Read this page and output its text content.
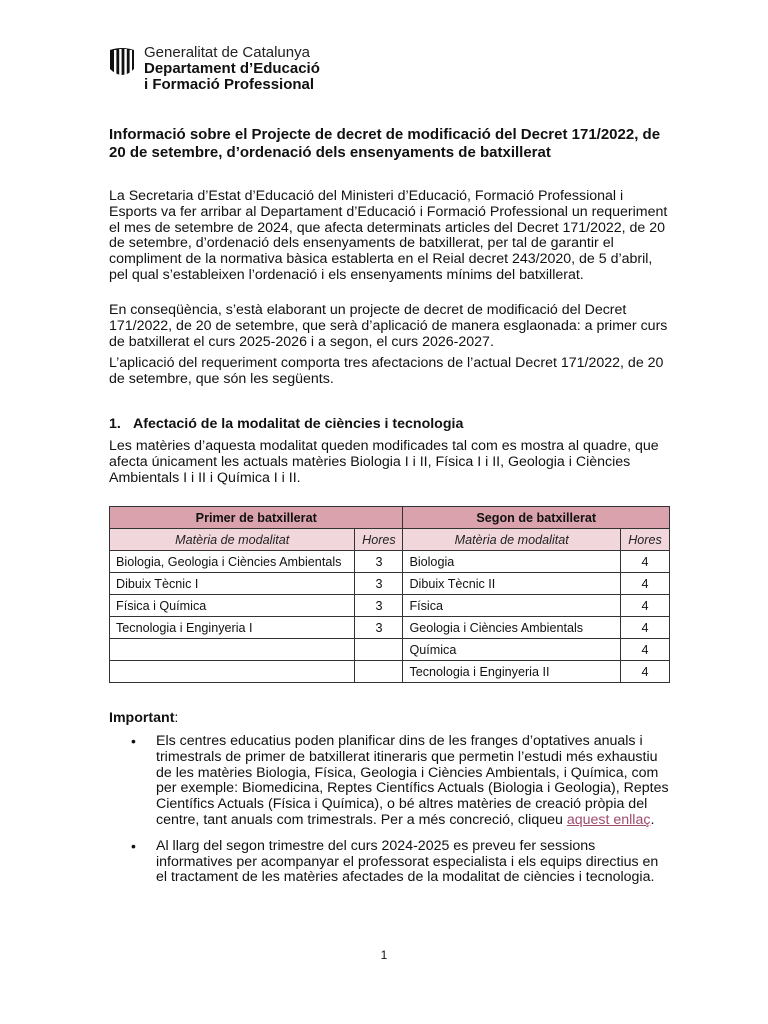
Generalitat de Catalunya
Departament d’Educació
i Formació Professional
Informació sobre el Projecte de decret de modificació del Decret 171/2022, de 20 de setembre, d’ordenació dels ensenyaments de batxillerat

La Secretaria d’Estat d’Educació del Ministeri d’Educació, Formació Professional i Esports va fer arribar al Departament d’Educació i Formació Professional un requeriment el mes de setembre de 2024, que afecta determinats articles del Decret 171/2022, de 20 de setembre, d’ordenació dels ensenyaments de batxillerat, per tal de garantir el compliment de la normativa bàsica establerta en el Reial decret 243/2020, de 5 d’abril, pel qual s’estableixen l’ordenació i els ensenyaments mínims del batxillerat.

En conseqüència, s’està elaborant un projecte de decret de modificació del Decret 171/2022, de 20 de setembre, que serà d’aplicació de manera esglaonada: a primer curs de batxillerat el curs 2025-2026 i a segon, el curs 2026-2027.

L’aplicació del requeriment comporta tres afectacions de l’actual Decret 171/2022, de 20 de setembre, que són les següents.

1. Afectació de la modalitat de ciències i tecnologia

Les matèries d’aquesta modalitat queden modificades tal com es mostra al quadre, que afecta únicament les actuals matèries Biologia I i II, Física I i II, Geologia i Ciències Ambientals I i II i Química I i II.

Primer de batxillerat		Segon de batxillerat	
Matèria de modalitat	Hores	Matèria de modalitat	Hores
Biologia, Geologia i Ciències Ambientals	3	Biologia	4
Dibuix Tècnic I	3	Dibuix Tècnic II	4
Física i Química	3	Física	4
Tecnologia i Enginyeria I	3	Geologia i Ciències Ambientals	4
		Química	4
		Tecnologia i Enginyeria II	4

Important:

• Els centres educatius poden planificar dins de les franges d’optatives anuals i trimestrals de primer de batxillerat itineraris que permetin l’estudi més exhaustiu de les matèries Biologia, Física, Geologia i Ciències Ambientals, i Química, com per exemple: Biomedicina, Reptes Científics Actuals (Biologia i Geologia), Reptes Científics Actuals (Física i Química), o bé altres matèries de creació pròpia del centre, tant anuals com trimestrals. Per a més concreció, cliqueu aquest enllaç.
• Al llarg del segon trimestre del curs 2024-2025 es preveu fer sessions informatives per acompanyar el professorat especialista i els equips directius en el tractament de les matèries afectades de la modalitat de ciències i tecnologia.
1
